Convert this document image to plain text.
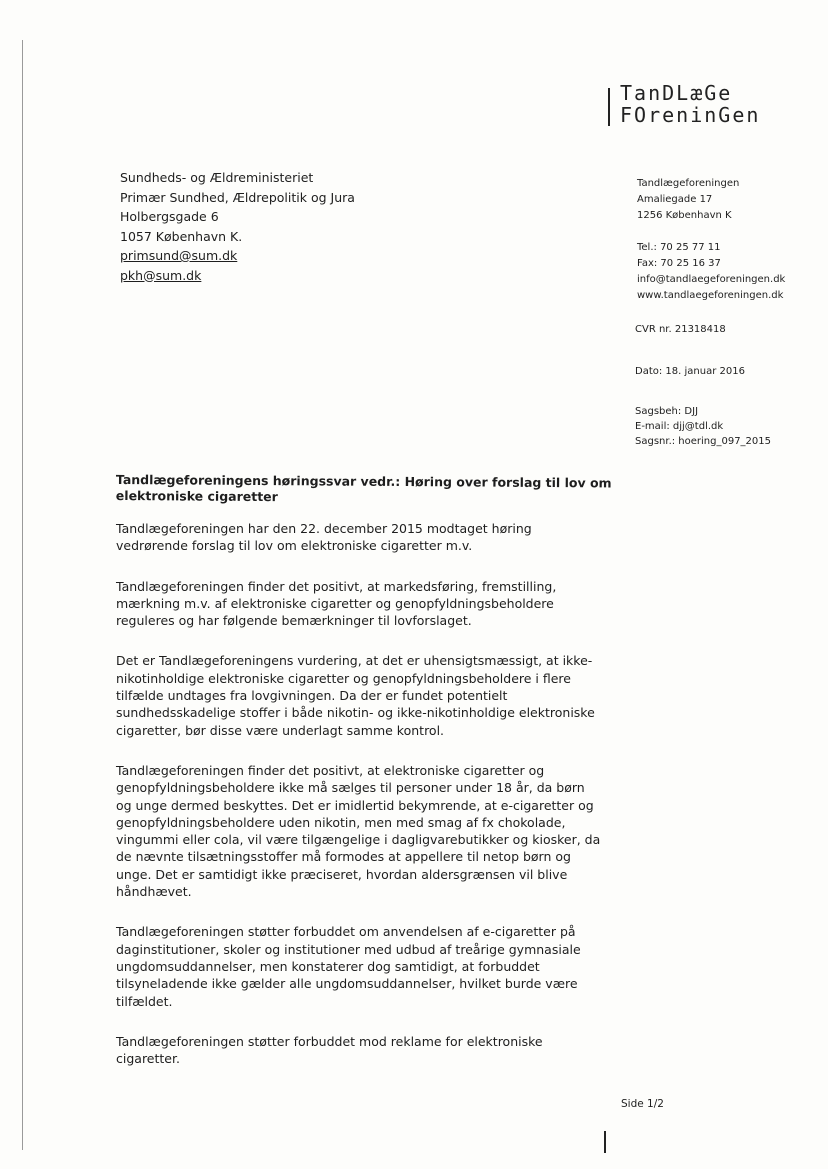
TanDLæGe
FOreninGen
Sundheds- og Ældreministeriet
Primær Sundhed, Ældrepolitik og Jura
Holbergsgade 6
1057 København K.
primsund@sum.dk
pkh@sum.dk
Tandlægeforeningen
Amaliegade 17
1256 København K
Tel.: 70 25 77 11
Fax: 70 25 16 37
info@tandlaegeforeningen.dk
www.tandlaegeforeningen.dk
CVR nr. 21318418
Dato: 18. januar 2016
Sagsbeh: DJJ
E-mail: djj@tdl.dk
Sagsnr.: hoering_097_2015
Tandlægeforeningens høringssvar vedr.: Høring over forslag til lov om elektroniske cigaretter

Tandlægeforeningen har den 22. december 2015 modtaget høring vedrørende forslag til lov om elektroniske cigaretter m.v.

Tandlægeforeningen finder det positivt, at markedsføring, fremstilling, mærkning m.v. af elektroniske cigaretter og genopfyldningsbeholdere reguleres og har følgende bemærkninger til lovforslaget.

Det er Tandlægeforeningens vurdering, at det er uhensigtsmæssigt, at ikke-nikotinholdige elektroniske cigaretter og genopfyldningsbeholdere i flere tilfælde undtages fra lovgivningen. Da der er fundet potentielt sundhedsskadelige stoffer i både nikotin- og ikke-nikotinholdige elektroniske cigaretter, bør disse være underlagt samme kontrol.

Tandlægeforeningen finder det positivt, at elektroniske cigaretter og genopfyldningsbeholdere ikke må sælges til personer under 18 år, da børn og unge dermed beskyttes. Det er imidlertid bekymrende, at e-cigaretter og genopfyldningsbeholdere uden nikotin, men med smag af fx chokolade, vingummi eller cola, vil være tilgængelige i dagligvarebutikker og kiosker, da de nævnte tilsætningsstoffer må formodes at appellere til netop børn og unge. Det er samtidigt ikke præciseret, hvordan aldersgrænsen vil blive håndhævet.

Tandlægeforeningen støtter forbuddet om anvendelsen af e-cigaretter på daginstitutioner, skoler og institutioner med udbud af treårige gymnasiale ungdomsuddannelser, men konstaterer dog samtidigt, at forbuddet tilsyneladende ikke gælder alle ungdomsuddannelser, hvilket burde være tilfældet.

Tandlægeforeningen støtter forbuddet mod reklame for elektroniske cigaretter.

Side 1/2
